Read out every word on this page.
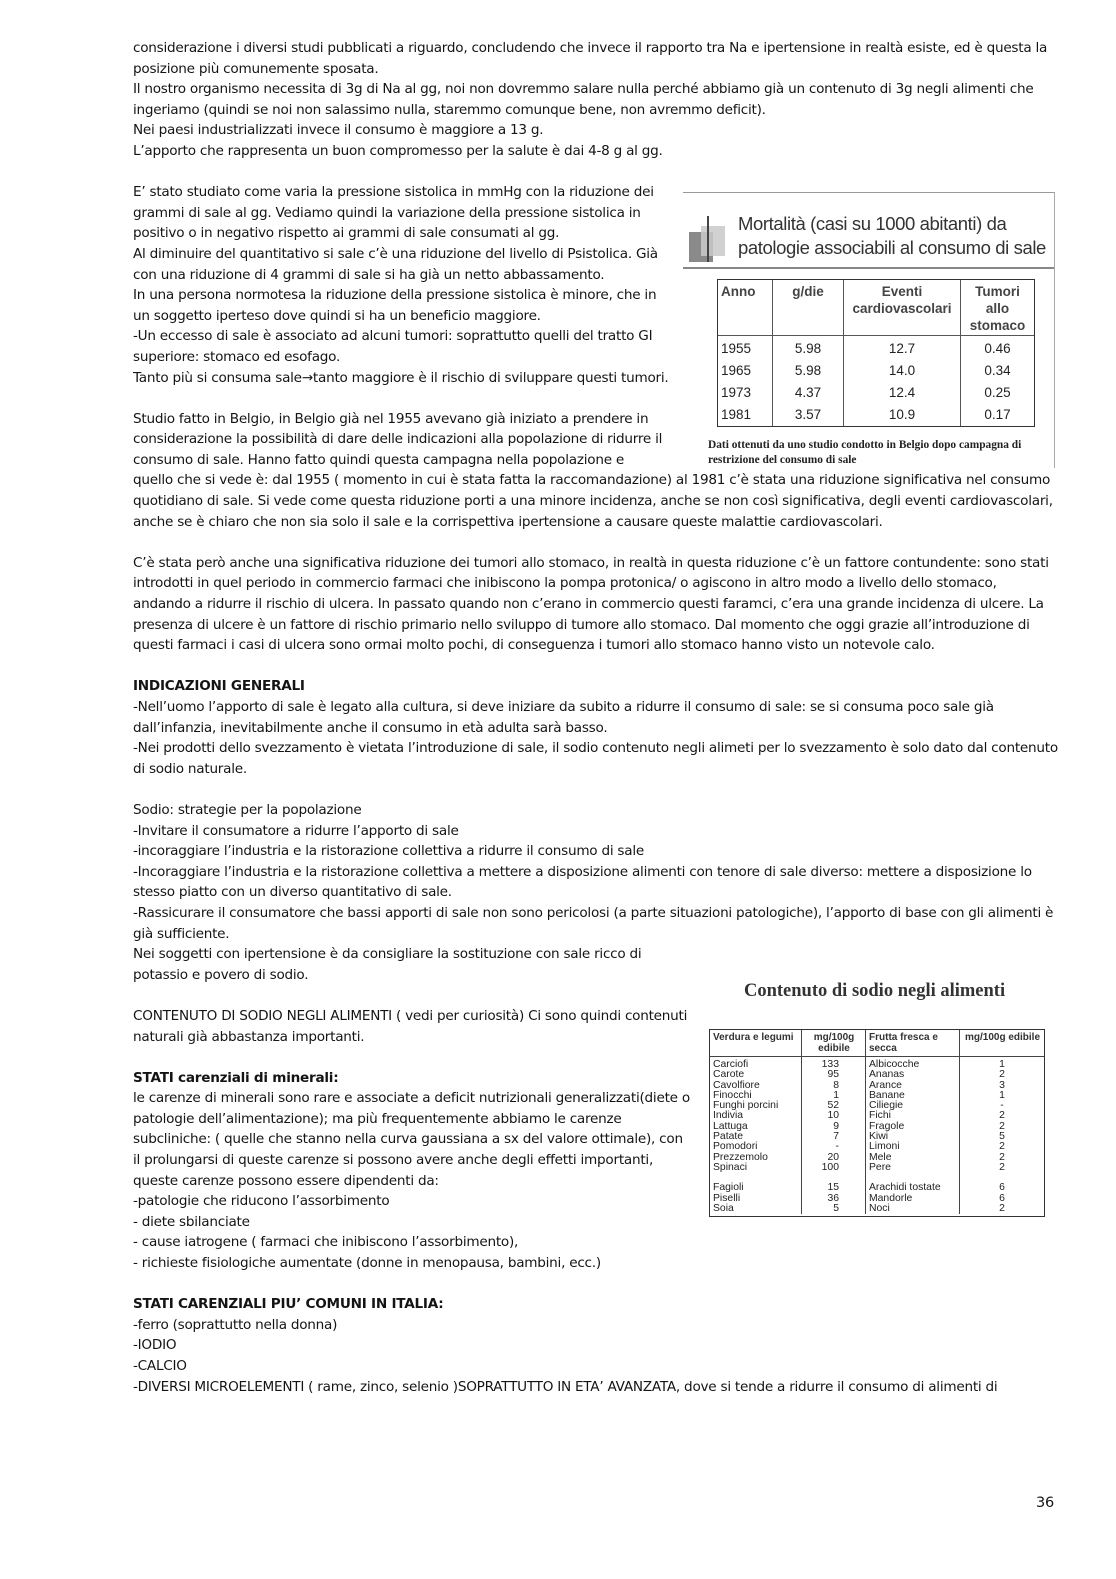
considerazione i diversi studi pubblicati a riguardo, concludendo che invece il rapporto tra Na e ipertensione in realtà esiste, ed è questa la posizione più comunemente sposata.

Il nostro organismo necessita di 3g di Na al gg, noi non dovremmo salare nulla perché abbiamo già un contenuto di 3g negli alimenti che ingeriamo (quindi se noi non salassimo nulla, staremmo comunque bene, non avremmo deficit).

Nei paesi industrializzati invece il consumo è maggiore a 13 g.

L’apporto che rappresenta un buon compromesso per la salute è dai 4-8 g al gg.

E’ stato studiato come varia la pressione sistolica in mmHg con la riduzione dei grammi di sale al gg. Vediamo quindi la variazione della pressione sistolica in positivo o in negativo rispetto ai grammi di sale consumati al gg.

Al diminuire del quantitativo si sale c’è una riduzione del livello di Psistolica. Già con una riduzione di 4 grammi di sale si ha già un netto abbassamento.

In una persona normotesa la riduzione della pressione sistolica è minore, che in un soggetto iperteso dove quindi si ha un beneficio maggiore.

-Un eccesso di sale è associato ad alcuni tumori: soprattutto quelli del tratto GI superiore: stomaco ed esofago.

Tanto più si consuma sale→tanto maggiore è il rischio di sviluppare questi tumori.

Studio fatto in Belgio, in Belgio già nel 1955 avevano già iniziato a prendere in considerazione la possibilità di dare delle indicazioni alla popolazione di ridurre il consumo di sale. Hanno fatto quindi questa campagna nella popolazione e

quello che si vede è: dal 1955 ( momento in cui è stata fatta la raccomandazione) al 1981 c’è stata una riduzione significativa nel consumo quotidiano di sale. Si vede come questa riduzione porti a una minore incidenza, anche se non così significativa, degli eventi cardiovascolari, anche se è chiaro che non sia solo il sale e la corrispettiva ipertensione a causare queste malattie cardiovascolari.

C’è stata però anche una significativa riduzione dei tumori allo stomaco, in realtà in questa riduzione c’è un fattore contundente: sono stati introdotti in quel periodo in commercio farmaci che inibiscono la pompa protonica/ o agiscono in altro modo a livello dello stomaco, andando a ridurre il rischio di ulcera. In passato quando non c’erano in commercio questi faramci, c’era una grande incidenza di ulcere. La presenza di ulcere è un fattore di rischio primario nello sviluppo di tumore allo stomaco. Dal momento che oggi grazie all’introduzione di questi farmaci i casi di ulcera sono ormai molto pochi, di conseguenza i tumori allo stomaco hanno visto un notevole calo.

INDICAZIONI GENERALI

-Nell’uomo l’apporto di sale è legato alla cultura, si deve iniziare da subito a ridurre il consumo di sale: se si consuma poco sale già dall’infanzia, inevitabilmente anche il consumo in età adulta sarà basso.

-Nei prodotti dello svezzamento è vietata l’introduzione di sale, il sodio contenuto negli alimeti per lo svezzamento è solo dato dal contenuto di sodio naturale.

Sodio: strategie per la popolazione

-Invitare il consumatore a ridurre l’apporto di sale

-incoraggiare l’industria e la ristorazione collettiva a ridurre il consumo di sale

-Incoraggiare l’industria e la ristorazione collettiva a mettere a disposizione alimenti con tenore di sale diverso: mettere a disposizione lo stesso piatto con un diverso quantitativo di sale.

-Rassicurare il consumatore che bassi apporti di sale non sono pericolosi (a parte situazioni patologiche), l’apporto di base con gli alimenti è già sufficiente.

Nei soggetti con ipertensione è da consigliare la sostituzione con sale ricco di potassio e povero di sodio.

CONTENUTO DI SODIO NEGLI ALIMENTI ( vedi per curiosità) Ci sono quindi contenuti naturali già abbastanza importanti.

STATI carenziali di minerali:

le carenze di minerali sono rare e associate a deficit nutrizionali generalizzati(diete o patologie dell’alimentazione); ma più frequentemente abbiamo le carenze subcliniche: ( quelle che stanno nella curva gaussiana a sx del valore ottimale), con il prolungarsi di queste carenze si possono avere anche degli effetti importanti, queste carenze possono essere dipendenti da:

-patologie che riducono l’assorbimento

- diete sbilanciate

- cause iatrogene ( farmaci che inibiscono l’assorbimento),

- richieste fisiologiche aumentate (donne in menopausa, bambini, ecc.)

STATI CARENZIALI PIU’ COMUNI IN ITALIA:

-ferro (soprattutto nella donna)

-IODIO

-CALCIO

-DIVERSI MICROELEMENTI ( rame, zinco, selenio )SOPRATTUTTO IN ETA’ AVANZATA, dove si tende a ridurre il consumo di alimenti di

Mortalità (casi su 1000 abitanti) da patologie associabili al consumo di sale
Anno	g/die	Eventi cardiovascolari	Tumori allo stomaco
1955	5.98	12.7	0.46
1965	5.98	14.0	0.34
1973	4.37	12.4	0.25
1981	3.57	10.9	0.17
Dati ottenuti da uno studio condotto in Belgio dopo campagna di restrizione del consumo di sale
Contenuto di sodio negli alimenti
Verdura e legumi	mg/100g edibile	Frutta fresca e secca	mg/100g edibile
Carciofi	133	Albicocche	1
Carote	95	Ananas	2
Cavolfiore	8	Arance	3
Finocchi	1	Banane	1
Funghi porcini	52	Ciliegie	-
Indivia	10	Fichi	2
Lattuga	9	Fragole	2
Patate	7	Kiwi	5
Pomodori	-	Limoni	2
Prezzemolo	20	Mele	2
Spinaci	100	Pere	2

Fagioli	15	Arachidi tostate	6
Piselli	36	Mandorle	6
Soia	5	Noci	2
36
